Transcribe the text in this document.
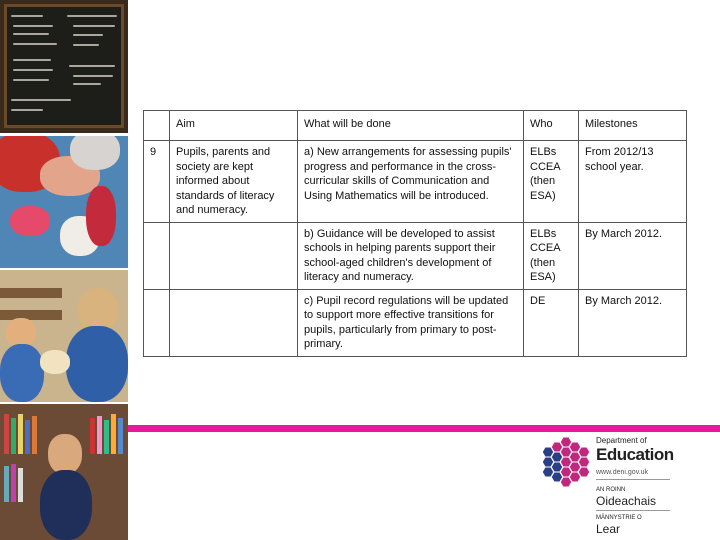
	Aim	What will be done	Who	Milestones
9	Pupils, parents and society are kept informed about standards of literacy and numeracy.	a) New arrangements for assessing pupils' progress and performance in the cross-curricular skills of Communication and Using Mathematics will be introduced.	ELBs CCEA (then ESA)	From 2012/13 school year.
		b) Guidance will be developed to assist schools in helping parents support their school-aged children's development of literacy and numeracy.	ELBs CCEA (then ESA)	By March 2012.
		c) Pupil record regulations will be updated to support more effective transitions for pupils, particularly from primary to post-primary.	DE	By March 2012.
Department of
Education
www.deni.gov.uk
AN ROINN
Oideachais
MÄNNYSTRIE O
Lear
